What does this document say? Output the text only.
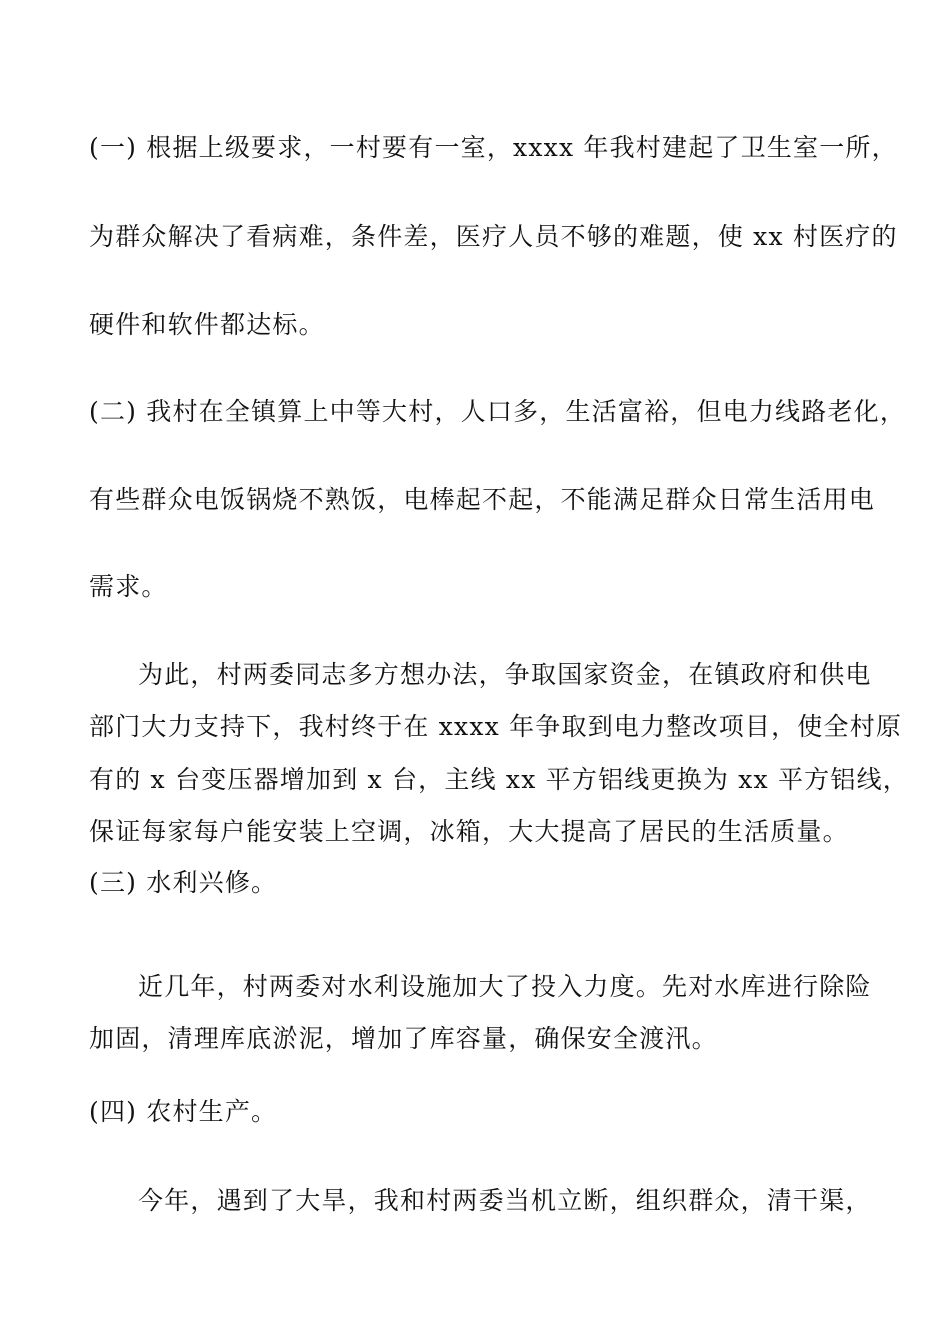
(一) 根据上级要求，一村要有一室，xxxx 年我村建起了卫生室一所，
为群众解决了看病难，条件差，医疗人员不够的难题，使 xx 村医疗的
硬件和软件都达标。
(二) 我村在全镇算上中等大村，人口多，生活富裕，但电力线路老化，
有些群众电饭锅烧不熟饭，电棒起不起，不能满足群众日常生活用电
需求。
为此，村两委同志多方想办法，争取国家资金，在镇政府和供电
部门大力支持下，我村终于在 xxxx 年争取到电力整改项目，使全村原
有的 x 台变压器增加到 x 台，主线 xx 平方铝线更换为 xx 平方铝线，
保证每家每户能安装上空调，冰箱，大大提高了居民的生活质量。
(三) 水利兴修。
近几年，村两委对水利设施加大了投入力度。先对水库进行除险
加固，清理库底淤泥，增加了库容量，确保安全渡汛。
(四) 农村生产。
今年，遇到了大旱，我和村两委当机立断，组织群众，清干渠，
